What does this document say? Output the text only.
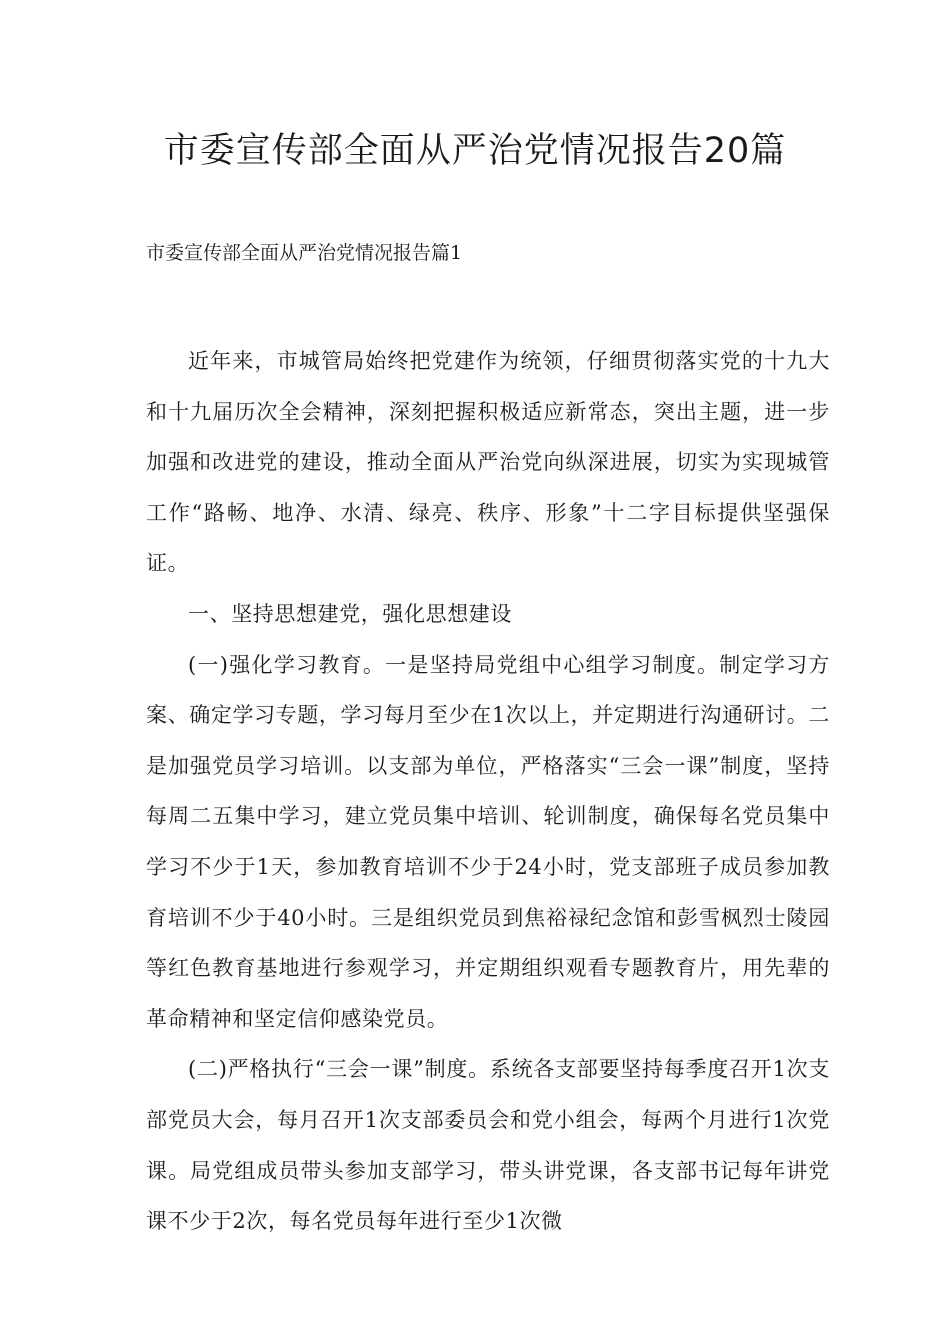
市委宣传部全面从严治党情况报告20篇
市委宣传部全面从严治党情况报告篇1

近年来，市城管局始终把党建作为统领，仔细贯彻落实党的十九大和十九届历次全会精神，深刻把握积极适应新常态，突出主题，进一步加强和改进党的建设，推动全面从严治党向纵深进展，切实为实现城管工作“路畅、地净、水清、绿亮、秩序、形象”十二字目标提供坚强保证。

一、坚持思想建党，强化思想建设

(一)强化学习教育。一是坚持局党组中心组学习制度。制定学习方案、确定学习专题，学习每月至少在1次以上，并定期进行沟通研讨。二是加强党员学习培训。以支部为单位，严格落实“三会一课”制度，坚持每周二五集中学习，建立党员集中培训、轮训制度，确保每名党员集中学习不少于1天，参加教育培训不少于24小时，党支部班子成员参加教育培训不少于40小时。三是组织党员到焦裕禄纪念馆和彭雪枫烈士陵园等红色教育基地进行参观学习，并定期组织观看专题教育片，用先辈的革命精神和坚定信仰感染党员。

(二)严格执行“三会一课”制度。系统各支部要坚持每季度召开1次支部党员大会，每月召开1次支部委员会和党小组会，每两个月进行1次党课。局党组成员带头参加支部学习，带头讲党课，各支部书记每年讲党课不少于2次，每名党员每年进行至少1次微
